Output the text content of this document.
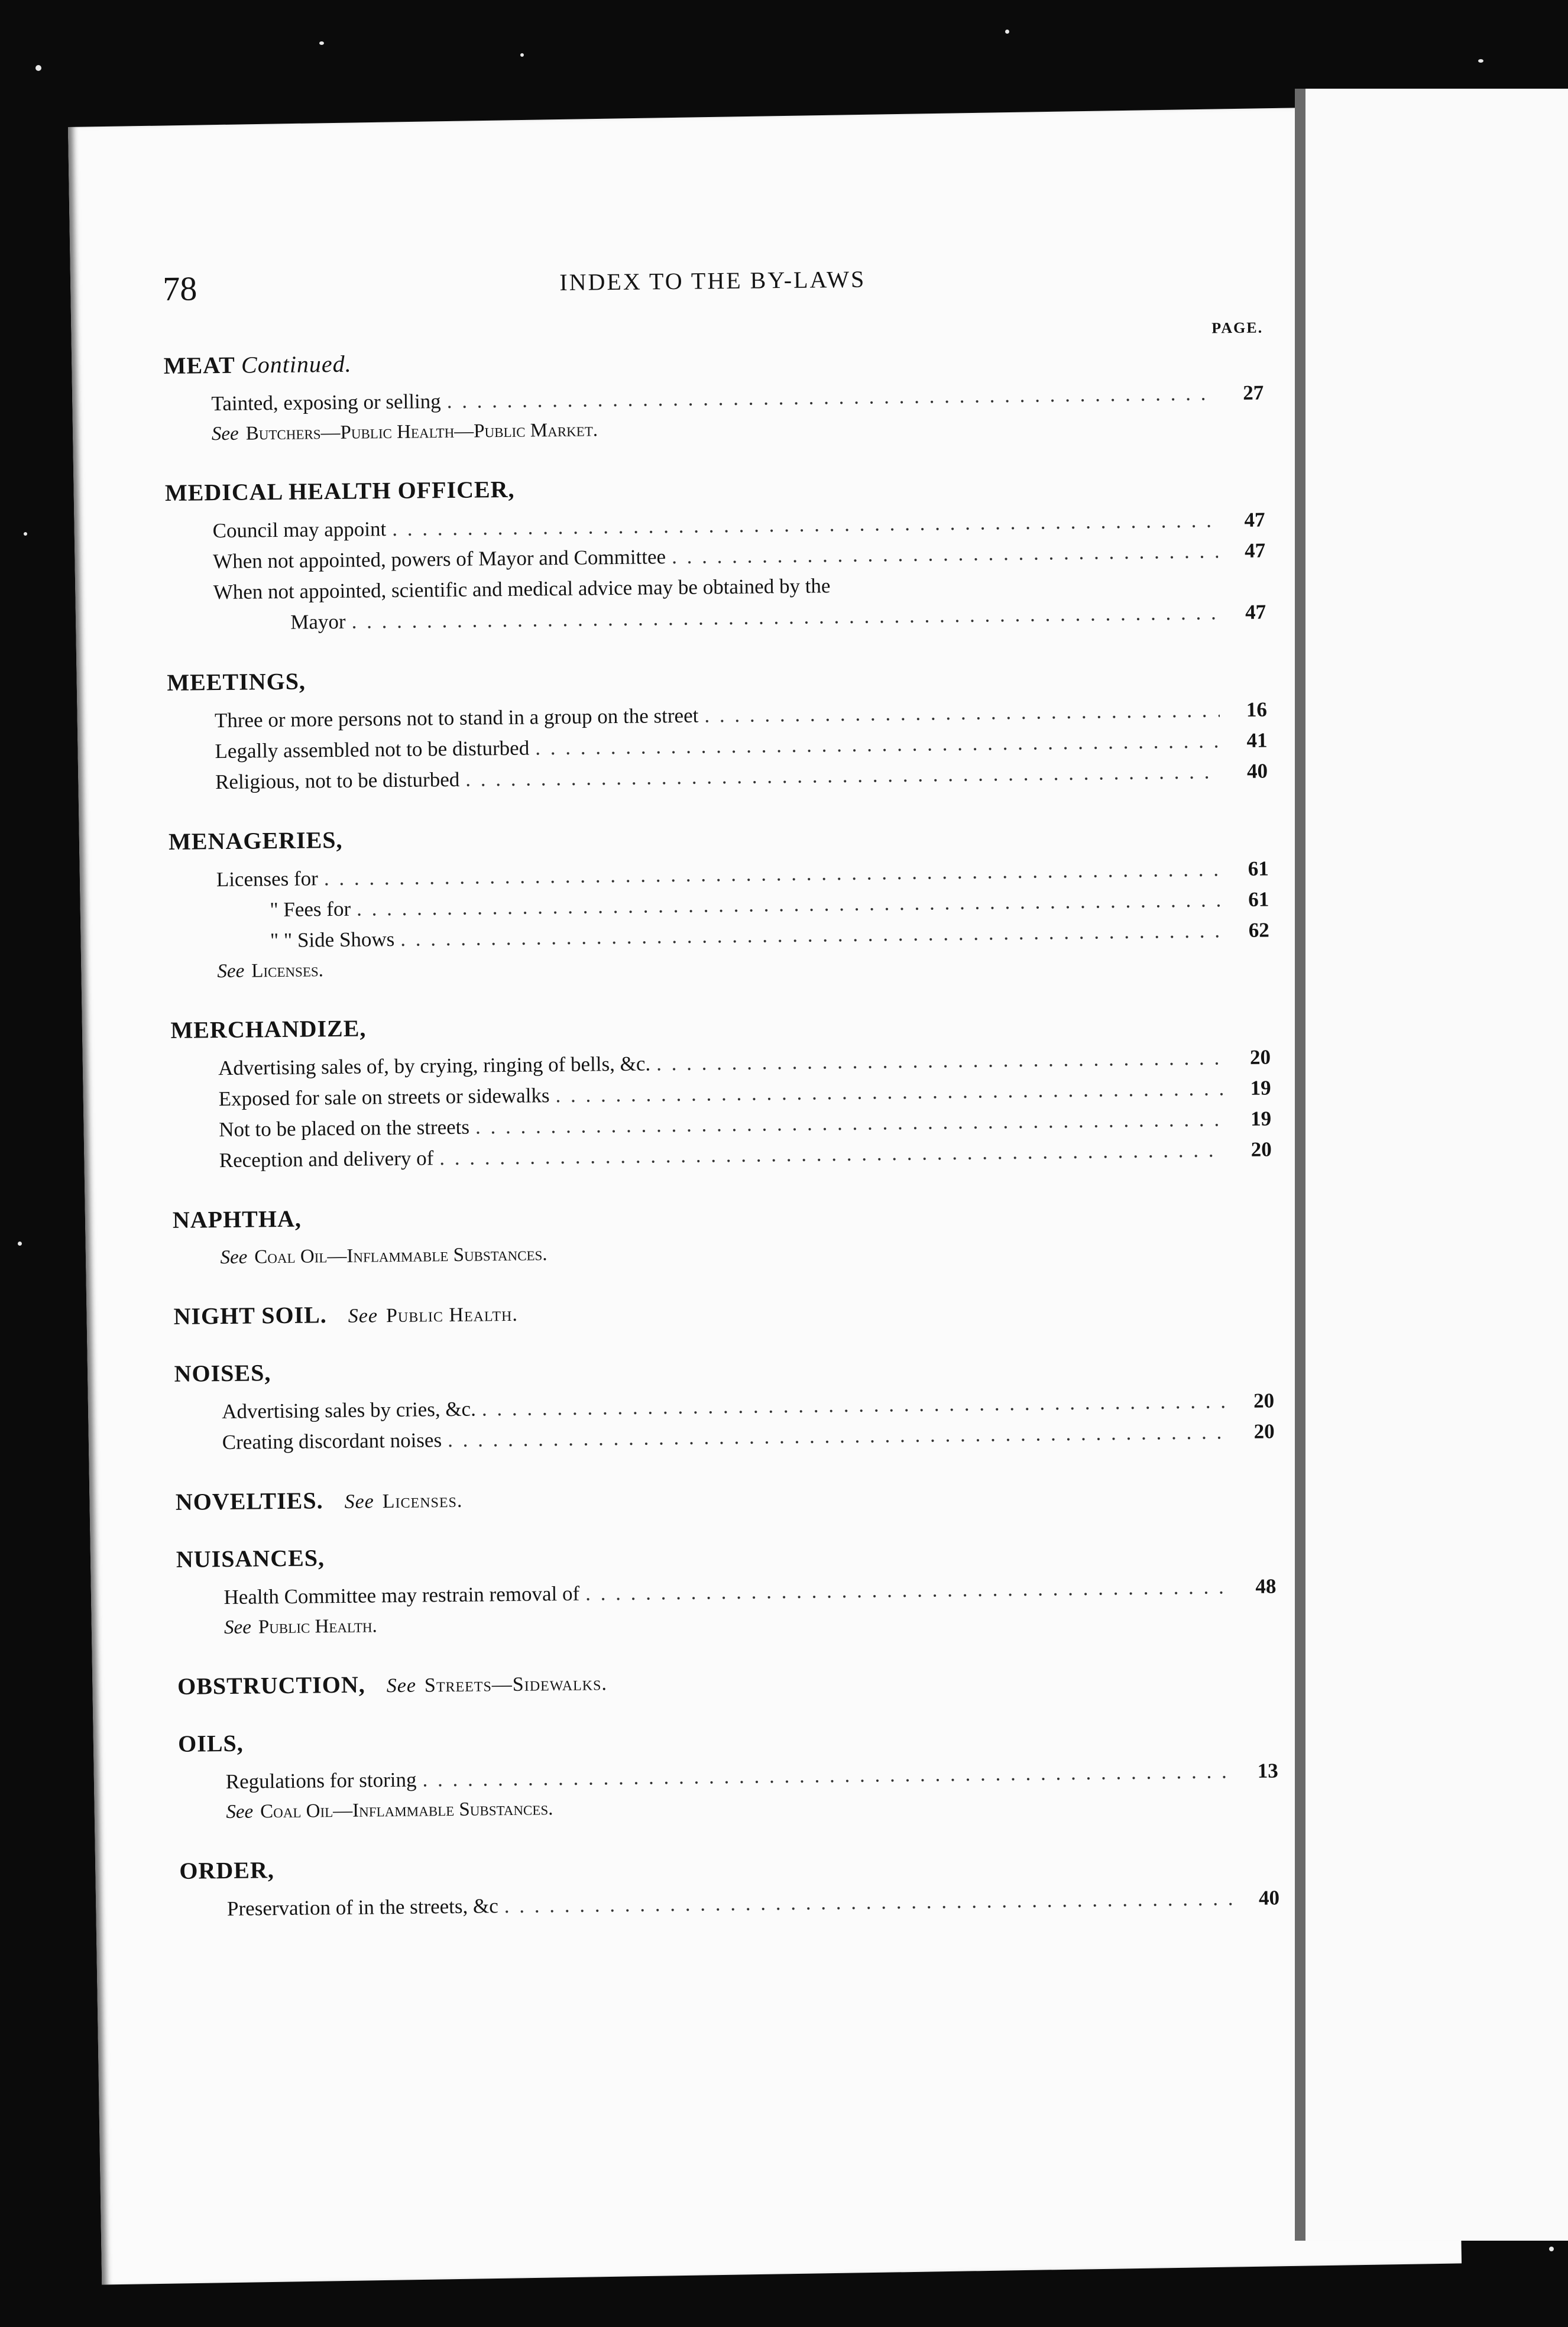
78	INDEX TO THE BY-LAWS
PAGE.
MEAT Continued.
Tainted, exposing or selling . . .	27
See Butchers—Public Health—Public Market.
MEDICAL HEALTH OFFICER,
Council may appoint . . .	47
When not appointed, powers of Mayor and Committee . . .	47
When not appointed, scientific and medical advice may be obtained by the
Mayor . . .	47
MEETINGS,
Three or more persons not to stand in a group on the street . . .	16
Legally assembled not to be disturbed . . .	41
Religious, not to be disturbed . . .	40
MENAGERIES,
Licenses for . . .	61
" Fees for . . .	61
" " Side Shows . . .	62
See Licenses.
MERCHANDIZE,
Advertising sales of, by crying, ringing of bells, &c. . . .	20
Exposed for sale on streets or sidewalks . . .	19
Not to be placed on the streets . . .	19
Reception and delivery of . . .	20
NAPHTHA,
See Coal Oil—Inflammable Substances.
NIGHT SOIL. See Public Health.
NOISES,
Advertising sales by cries, &c. . . .	20
Creating discordant noises . . .	20
NOVELTIES. See Licenses.
NUISANCES,
Health Committee may restrain removal of . . .	48
See Public Health.
OBSTRUCTION, See Streets—Sidewalks.
OILS,
Regulations for storing . . .	13
See Coal Oil—Inflammable Substances.
ORDER,
Preservation of in the streets, &c . . .	40
